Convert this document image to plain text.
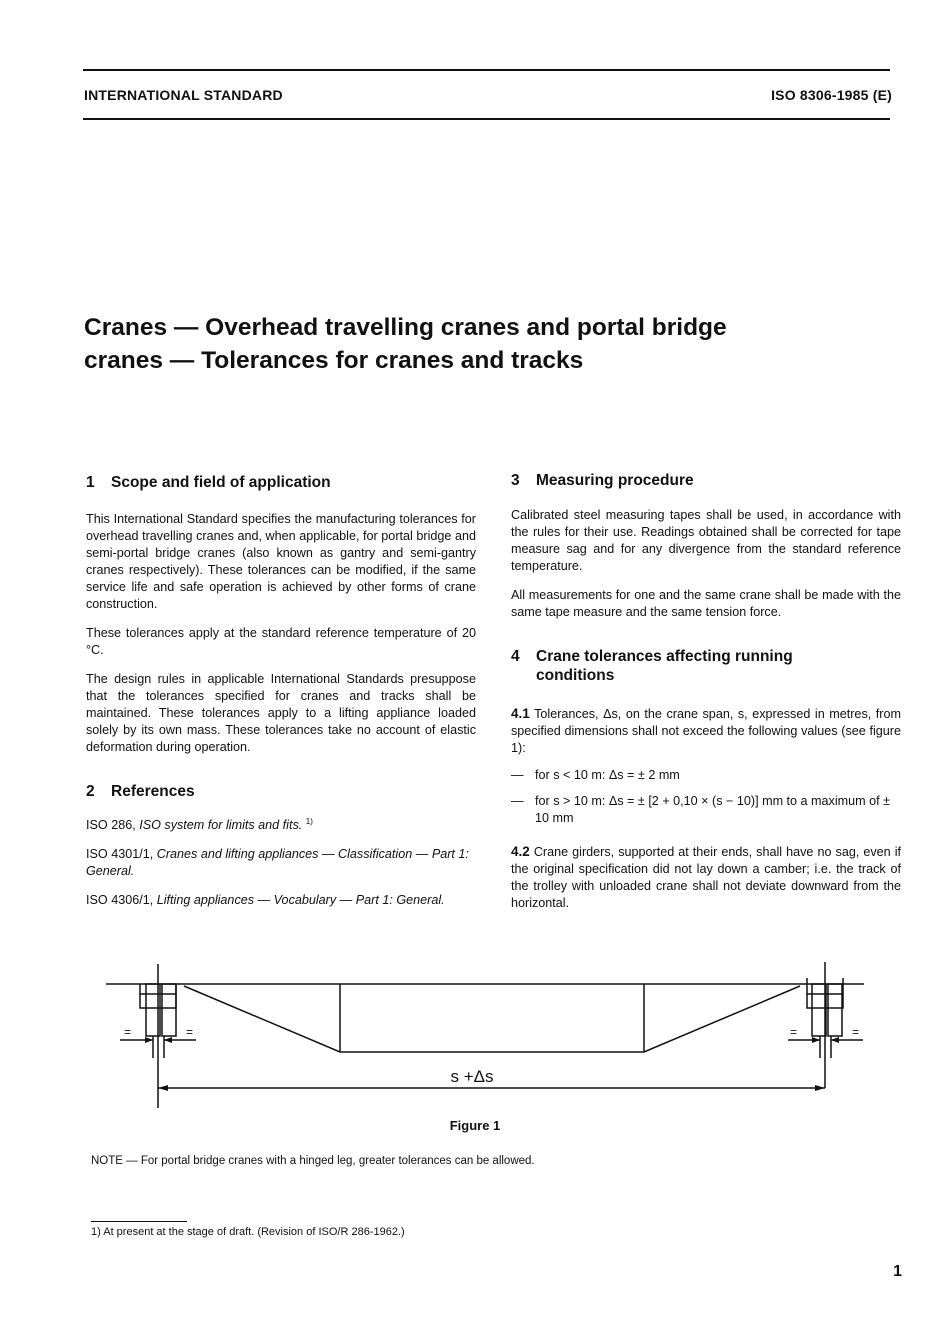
INTERNATIONAL STANDARD	ISO 8306-1985 (E)
Cranes — Overhead travelling cranes and portal bridge
cranes — Tolerances for cranes and tracks
1 Scope and field of application

This International Standard specifies the manufacturing tolerances for overhead travelling cranes and, when applicable, for portal bridge and semi-portal bridge cranes (also known as gantry and semi-gantry cranes respectively). These tolerances can be modified, if the same service life and safe operation is achieved by other forms of crane construction.

These tolerances apply at the standard reference temperature of 20 °C.

The design rules in applicable International Standards presuppose that the tolerances specified for cranes and tracks shall be maintained. These tolerances apply to a lifting appliance loaded solely by its own mass. These tolerances take no account of elastic deformation during operation.

2 References

ISO 286, ISO system for limits and fits. $^{1)}$

ISO 4301/1, Cranes and lifting appliances — Classification — Part 1: General.

ISO 4306/1, Lifting appliances — Vocabulary — Part 1: General.

3 Measuring procedure

Calibrated steel measuring tapes shall be used, in accordance with the rules for their use. Readings obtained shall be corrected for tape measure sag and for any divergence from the standard reference temperature.

All measurements for one and the same crane shall be made with the same tape measure and the same tension force.

4	Crane tolerances affecting running conditions

4.1 Tolerances, Δs, on the crane span, s, expressed in metres, from specified dimensions shall not exceed the following values (see figure 1):

— for s < 10 m: Δs = ± 2 mm
— for s > 10 m: Δs = ± [2 + 0,10 × (s − 10)] mm to a maximum of ± 10 mm

4.2 Crane girders, supported at their ends, shall have no sag, even if the original specification did not lay down a camber; i.e. the track of the trolley with unloaded crane shall not deviate downward from the horizontal.

=	=	=	=
s +Δs
Figure 1
NOTE — For portal bridge cranes with a hinged leg, greater tolerances can be allowed.
1) At present at the stage of draft. (Revision of ISO/R 286-1962.)
1
